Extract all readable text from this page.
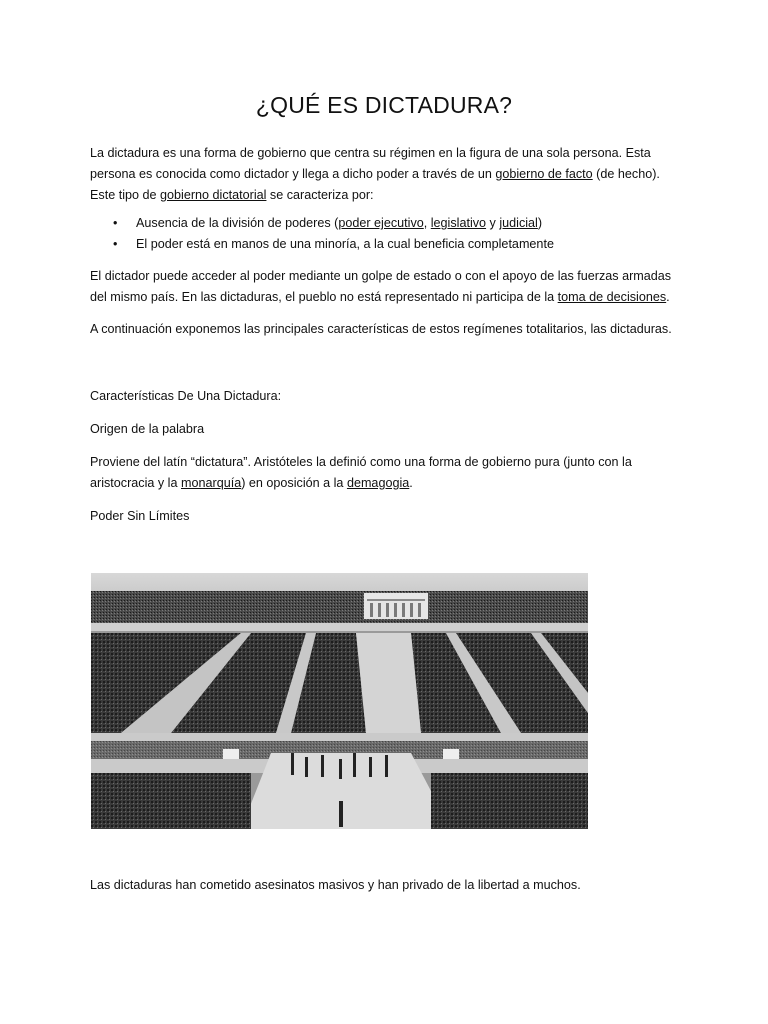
¿QUÉ ES DICTADURA?

La dictadura es una forma de gobierno que centra su régimen en la figura de una sola persona. Esta
persona es conocida como dictador y llega a dicho poder a través de un gobierno de facto (de hecho).
Este tipo de gobierno dictatorial se caracteriza por:

• Ausencia de la división de poderes (poder ejecutivo, legislativo y judicial)
• El poder está en manos de una minoría, a la cual beneficia completamente

El dictador puede acceder al poder mediante un golpe de estado o con el apoyo de las fuerzas armadas
del mismo país. En las dictaduras, el pueblo no está representado ni participa de la toma de decisiones.

A continuación exponemos las principales características de estos regímenes totalitarios, las dictaduras.

Características De Una Dictadura:

Origen de la palabra

Proviene del latín “dictatura”. Aristóteles la definió como una forma de gobierno pura (junto con la
aristocracia y la monarquía) en oposición a la demagogia.

Poder Sin Límites

Las dictaduras han cometido asesinatos masivos y han privado de la libertad a muchos.
